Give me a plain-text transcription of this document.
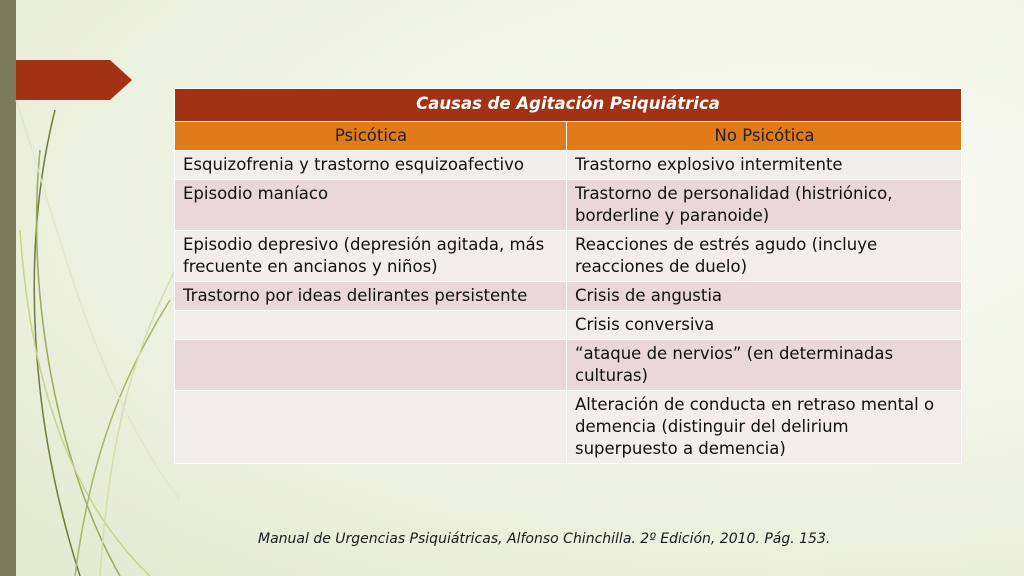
Causas de Agitación Psiquiátrica	
Psicótica	No Psicótica
Esquizofrenia y trastorno esquizoafectivo	Trastorno explosivo intermitente
Episodio maníaco	Trastorno de personalidad (histriónico, borderline y paranoide)
Episodio depresivo (depresión agitada, más frecuente en ancianos y niños)	Reacciones de estrés agudo (incluye reacciones de duelo)
Trastorno por ideas delirantes persistente	Crisis de angustia
	Crisis conversiva
	“ataque de nervios” (en determinadas culturas)
	Alteración de conducta en retraso mental o demencia (distinguir del delirium superpuesto a demencia)
Manual de Urgencias Psiquiátricas, Alfonso Chinchilla. 2º Edición, 2010. Pág. 153.
